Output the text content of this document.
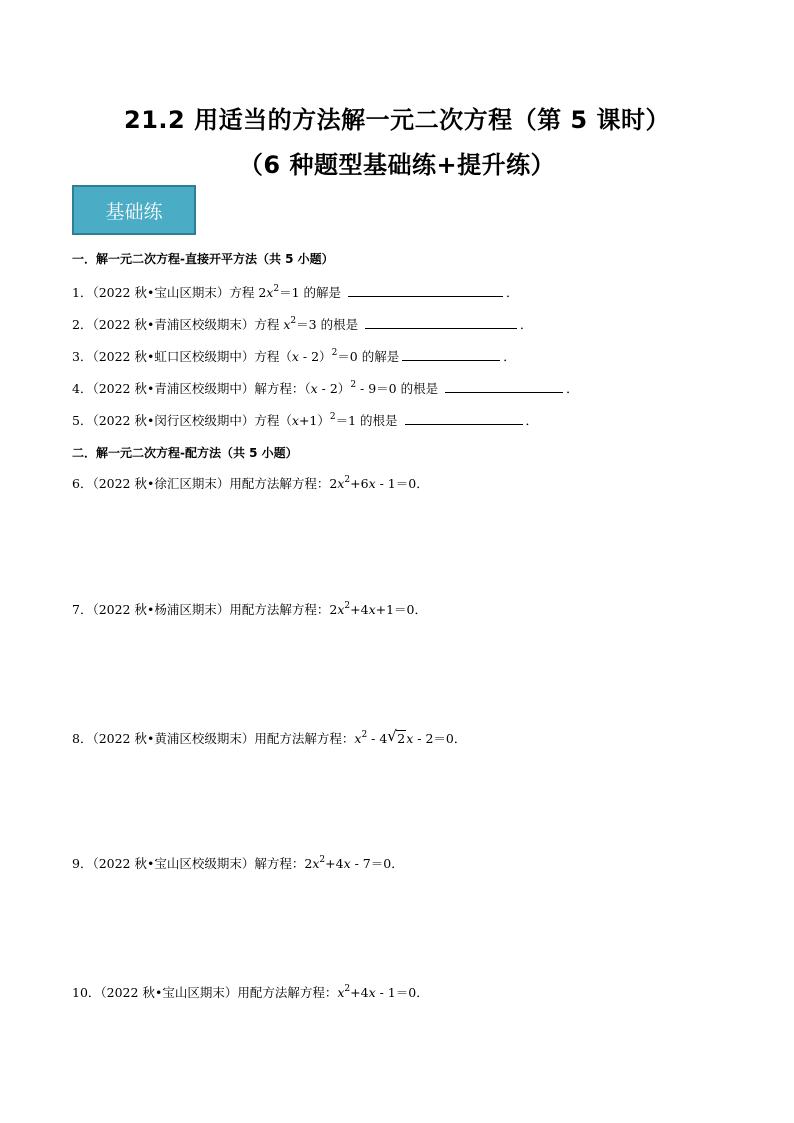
21.2 用适当的方法解一元二次方程（第 5 课时）
（6 种题型基础练+提升练）
基础练
一．解一元二次方程-直接开平方法（共 5 小题）
1．（2022 秋•宝山区期末）方程 $2x^2=1$ 的解是	．
2．（2022 秋•青浦区校级期末）方程 $x^2=3$ 的根是	．
3．（2022 秋•虹口区校级期中）方程（x - 2）$^2$＝0 的解是	．
4．（2022 秋•青浦区校级期中）解方程：（x - 2）$^2$ - 9＝0 的根是	．
5．（2022 秋•闵行区校级期中）方程$(x+1)^2=1$ 的根是	．
二．解一元二次方程-配方法（共 5 小题）
6．（2022 秋•徐汇区期末）用配方法解方程：$2x^2+6x - 1=0$．
7．（2022 秋•杨浦区期末）用配方法解方程：$2x^2+4x+1=0$．
8．（2022 秋•黄浦区校级期末）用配方法解方程：$x^2 - 4$ √ 2x - 2＝0．
9．（2022 秋•宝山区校级期末）解方程：$2x^2+4x - 7=0$．
10．（2022 秋•宝山区期末）用配方法解方程：$x^2+4x - 1=0$．
